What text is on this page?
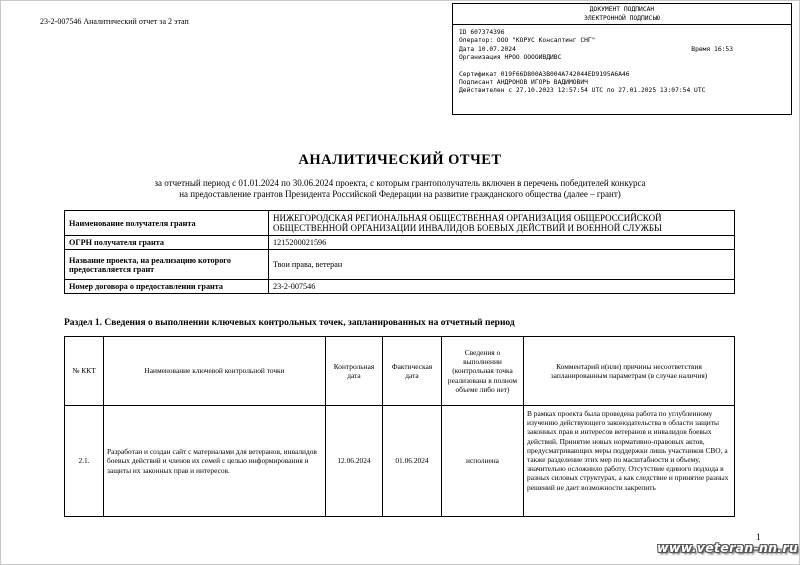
23-2-007546 Аналитический отчет за 2 этап
ДОКУМЕНТ ПОДПИСАН
ЭЛЕКТРОННОЙ ПОДПИСЬЮ
ID 607374396
Оператор: ООО "КОРУС Консалтинг СНГ"
Дата 10.07.2024	Время 16:53
Организация НРОО ООООИВДИВС
Сертификат 019F66D800A3B004A742044ED9195A6A46
Подписант АНДРОНОВ ИГОРЬ ВАДИМОВИЧ
Действителен с 27.10.2023 12:57:54 UTC по 27.01.2025 13:07:54 UTC
АНАЛИТИЧЕСКИЙ ОТЧЕТ
за отчетный период с 01.01.2024 по 30.06.2024 проекта, с которым грантополучатель включен в перечень победителей конкурса
на предоставление грантов Президента Российской Федерации на развитие гражданского общества (далее – грант)
Наименование получателя гранта	НИЖЕГОРОДСКАЯ РЕГИОНАЛЬНАЯ ОБЩЕСТВЕННАЯ ОРГАНИЗАЦИЯ ОБЩЕРОССИЙСКОЙ ОБЩЕСТВЕННОЙ ОРГАНИЗАЦИИ ИНВАЛИДОВ БОЕВЫХ ДЕЙСТВИЙ И ВОЕННОЙ СЛУЖБЫ
ОГРН получателя гранта	1215200021596
Название проекта, на реализацию которого предоставляется грант	Твои права, ветеран
Номер договора о предоставлении гранта	23-2-007546
Раздел 1. Сведения о выполнении ключевых контрольных точек, запланированных на отчетный период
№ ККТ	Наименование ключевой контрольной точки	Контрольная дата	Фактическая дата	Сведения о выполнении (контрольная точка реализована в полном объеме либо нет)	Комментарий и(или) причины несоответствия запланированным параметрам (в случае наличия)
2.1.	Разработан и создан сайт с материалами для ветеранов, инвалидов боевых действий и членов их семей с целью информирования и защиты их законных прав и интересов.	12.06.2024	01.06.2024	исполнена	В рамках проекта была проведена работа по углубленному изучению действующего законодательства в области защиты законных прав и интересов ветеранов и инвалидов боевых действий. Принятие новых нормативно-правовых актов, предусматривающих меры поддержки лишь участников СВО, а также разделение этих мер по масштабности и объему, значительно осложнило работу. Отсутствие единого подхода в разных силовых структурах, а как следствие и принятие разных решений не дает возможности закрепить
1
www.veteran-nn.ru
